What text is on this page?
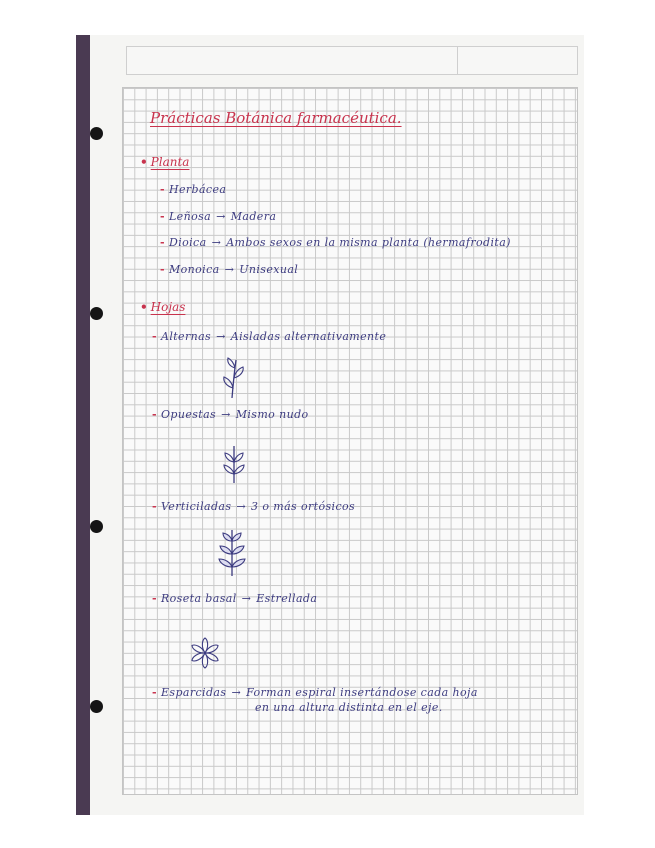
Prácticas Botánica farmacéutica.
• Planta
- Herbácea
- Leñosa → Madera
- Dioica → Ambos sexos en la misma planta (hermafrodita)
- Monoica → Unisexual
• Hojas
- Alternas → Aisladas alternativamente
- Opuestas → Mismo nudo
- Verticiladas → 3 o más ortósicos
- Roseta basal → Estrellada
- Esparcidas → Forman espiral insertándose cada hoja
en una altura distinta en el eje.
